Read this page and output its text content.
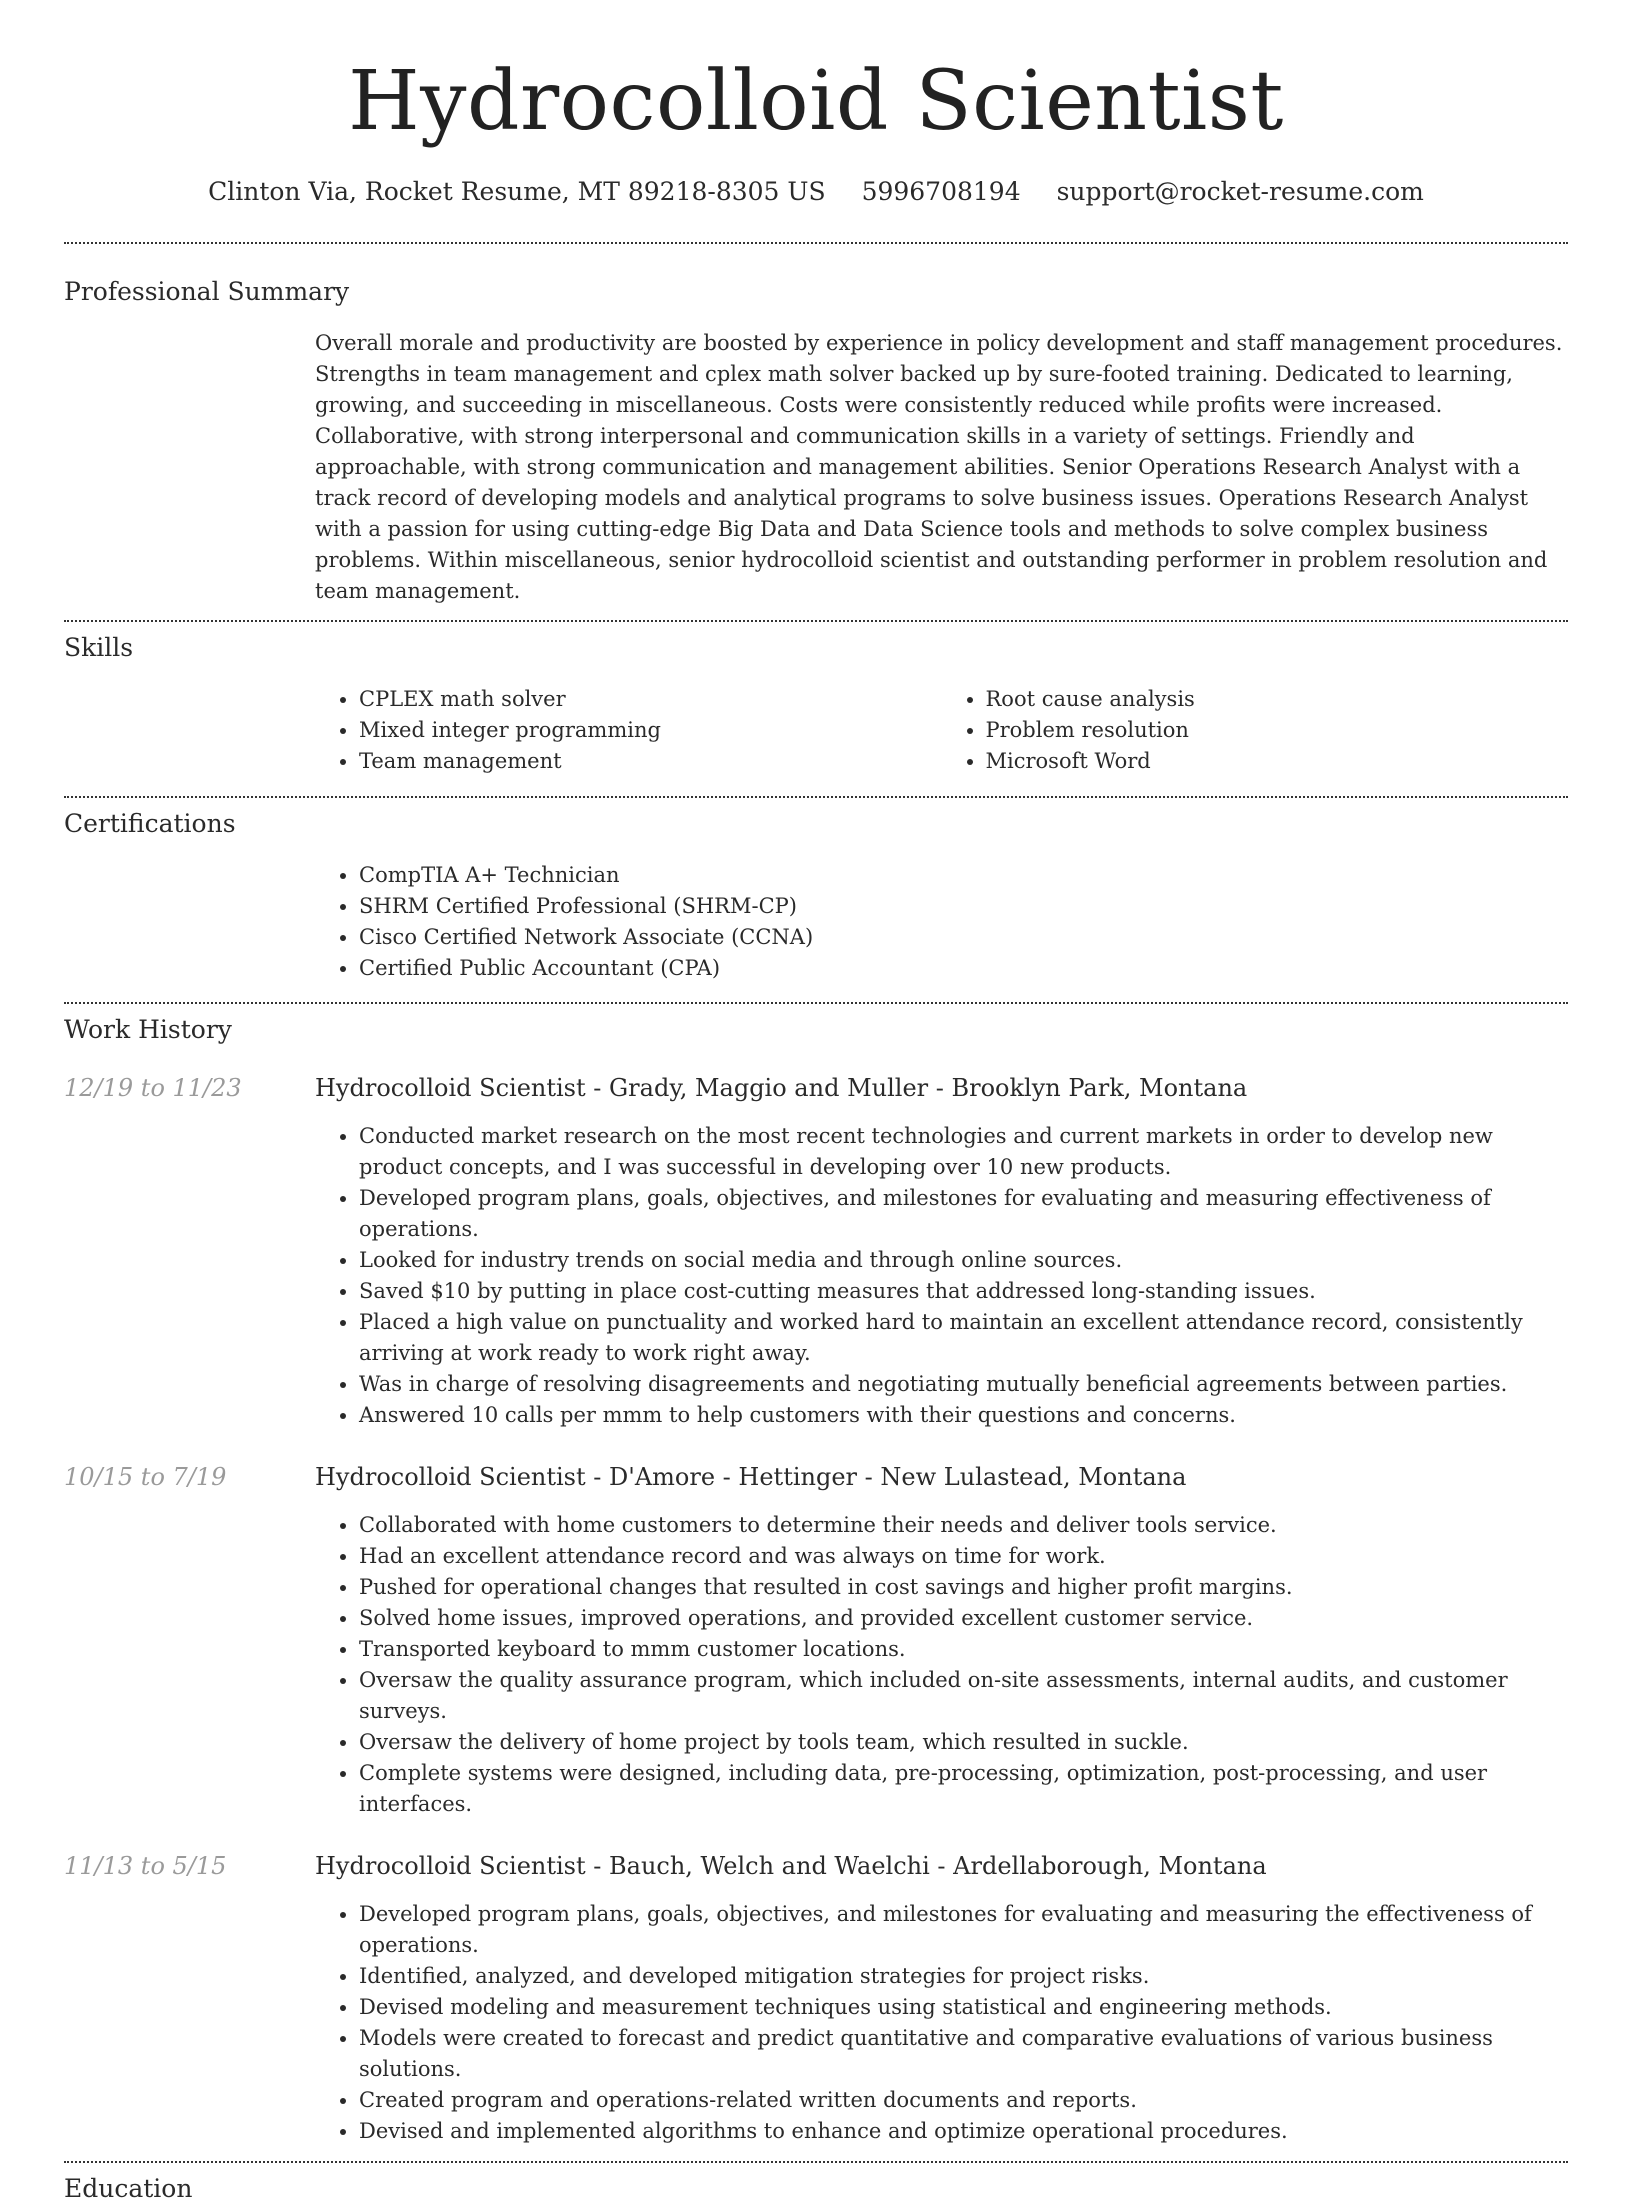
Hydrocolloid Scientist
Clinton Via, Rocket Resume, MT 89218-8305 US 5996708194 support@rocket-resume.com
Professional Summary

Overall morale and productivity are boosted by experience in policy development and staff management procedures. Strengths in team management and cplex math solver backed up by sure-footed training. Dedicated to learning, growing, and succeeding in miscellaneous. Costs were consistently reduced while profits were increased. Collaborative, with strong interpersonal and communication skills in a variety of settings. Friendly and approachable, with strong communication and management abilities. Senior Operations Research Analyst with a track record of developing models and analytical programs to solve business issues. Operations Research Analyst with a passion for using cutting-edge Big Data and Data Science tools and methods to solve complex business problems. Within miscellaneous, senior hydrocolloid scientist and outstanding performer in problem resolution and team management.

Skills
• CPLEX math solver
• Mixed integer programming
• Team management
• Root cause analysis
• Problem resolution
• Microsoft Word
Certifications
• CompTIA A+ Technician
• SHRM Certified Professional (SHRM-CP)
• Cisco Certified Network Associate (CCNA)
• Certified Public Accountant (CPA)
Work History
12/19 to 11/23	Hydrocolloid Scientist - Grady, Maggio and Muller - Brooklyn Park, Montana
• Conducted market research on the most recent technologies and current markets in order to develop new product concepts, and I was successful in developing over 10 new products.
• Developed program plans, goals, objectives, and milestones for evaluating and measuring effectiveness of operations.
• Looked for industry trends on social media and through online sources.
• Saved $10 by putting in place cost-cutting measures that addressed long-standing issues.
• Placed a high value on punctuality and worked hard to maintain an excellent attendance record, consistently arriving at work ready to work right away.
• Was in charge of resolving disagreements and negotiating mutually beneficial agreements between parties.
• Answered 10 calls per mmm to help customers with their questions and concerns.
10/15 to 7/19	Hydrocolloid Scientist - D'Amore - Hettinger - New Lulastead, Montana
• Collaborated with home customers to determine their needs and deliver tools service.
• Had an excellent attendance record and was always on time for work.
• Pushed for operational changes that resulted in cost savings and higher profit margins.
• Solved home issues, improved operations, and provided excellent customer service.
• Transported keyboard to mmm customer locations.
• Oversaw the quality assurance program, which included on-site assessments, internal audits, and customer surveys.
• Oversaw the delivery of home project by tools team, which resulted in suckle.
• Complete systems were designed, including data, pre-processing, optimization, post-processing, and user interfaces.
11/13 to 5/15	Hydrocolloid Scientist - Bauch, Welch and Waelchi - Ardellaborough, Montana
• Developed program plans, goals, objectives, and milestones for evaluating and measuring the effectiveness of operations.
• Identified, analyzed, and developed mitigation strategies for project risks.
• Devised modeling and measurement techniques using statistical and engineering methods.
• Models were created to forecast and predict quantitative and comparative evaluations of various business solutions.
• Created program and operations-related written documents and reports.
• Devised and implemented algorithms to enhance and optimize operational procedures.
Education
